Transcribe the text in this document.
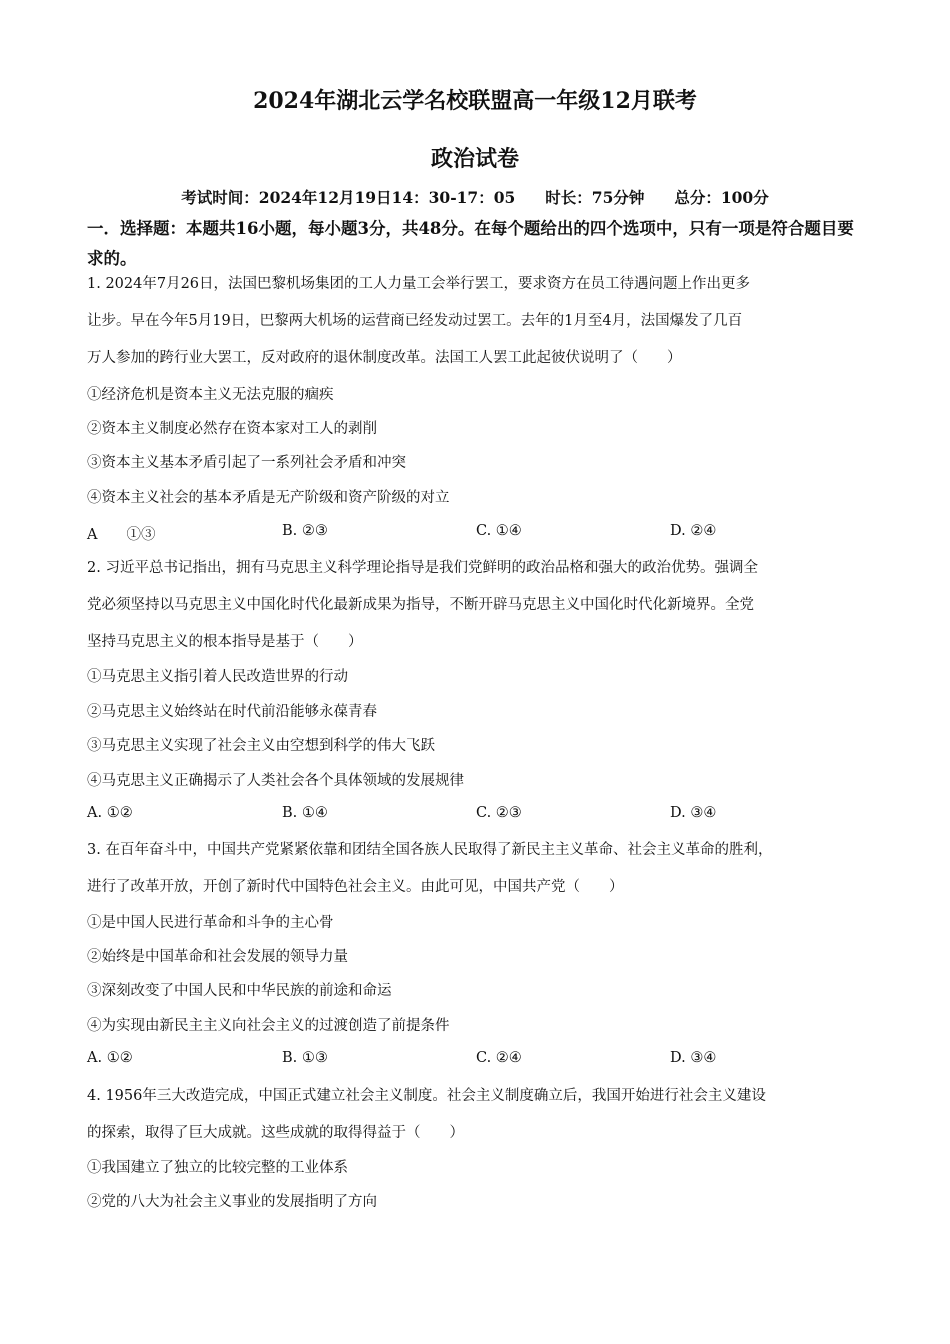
2024年湖北云学名校联盟高一年级12月联考
政治试卷
考试时间：2024年12月19日14：30-17：05 时长：75分钟 总分：100分
一．选择题：本题共16小题，每小题3分，共48分。在每个题给出的四个选项中，只有一项是符合题目要求的。
1. 2024年7月26日，法国巴黎机场集团的工人力量工会举行罢工，要求资方在员工待遇问题上作出更多
让步。早在今年5月19日，巴黎两大机场的运营商已经发动过罢工。去年的1月至4月，法国爆发了几百
万人参加的跨行业大罢工，反对政府的退休制度改革。法国工人罢工此起彼伏说明了（　　）
①经济危机是资本主义无法克服的痼疾
②资本主义制度必然存在资本家对工人的剥削
③资本主义基本矛盾引起了一系列社会矛盾和冲突
④资本主义社会的基本矛盾是无产阶级和资产阶级的对立
A　　①③	B. ②③	C. ①④	D. ②④
2. 习近平总书记指出，拥有马克思主义科学理论指导是我们党鲜明的政治品格和强大的政治优势。强调全
党必须坚持以马克思主义中国化时代化最新成果为指导，不断开辟马克思主义中国化时代化新境界。全党
坚持马克思主义的根本指导是基于（　　）
①马克思主义指引着人民改造世界的行动
②马克思主义始终站在时代前沿能够永葆青春
③马克思主义实现了社会主义由空想到科学的伟大飞跃
④马克思主义正确揭示了人类社会各个具体领域的发展规律
A. ①②	B. ①④	C. ②③	D. ③④
3. 在百年奋斗中，中国共产党紧紧依靠和团结全国各族人民取得了新民主主义革命、社会主义革命的胜利，
进行了改革开放，开创了新时代中国特色社会主义。由此可见，中国共产党（　　）
①是中国人民进行革命和斗争的主心骨
②始终是中国革命和社会发展的领导力量
③深刻改变了中国人民和中华民族的前途和命运
④为实现由新民主主义向社会主义的过渡创造了前提条件
A. ①②	B. ①③	C. ②④	D. ③④
4. 1956年三大改造完成，中国正式建立社会主义制度。社会主义制度确立后，我国开始进行社会主义建设
的探索，取得了巨大成就。这些成就的取得得益于（　　）
①我国建立了独立的比较完整的工业体系
②党的八大为社会主义事业的发展指明了方向
